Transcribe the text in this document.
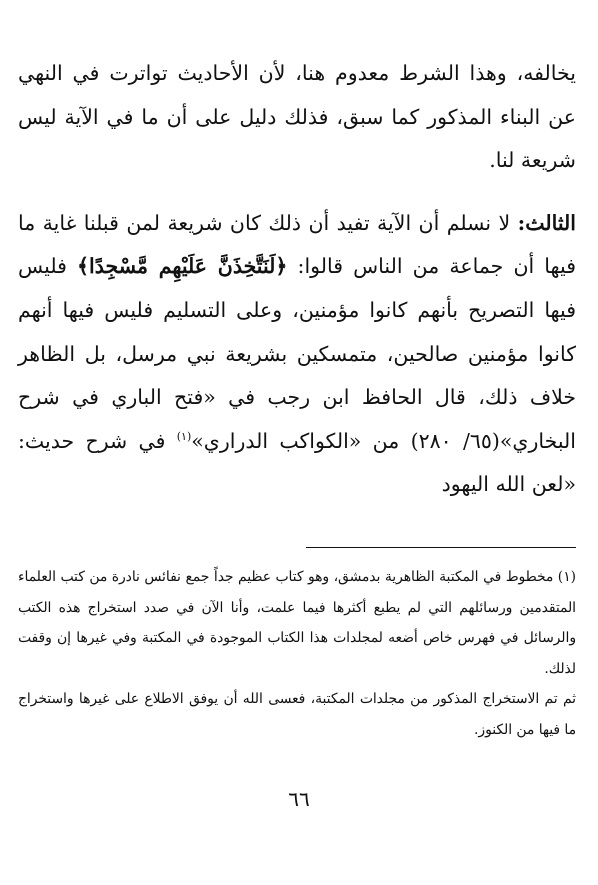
يخالفه، وهذا الشرط معدوم هنا، لأن الأحاديث تواترت في النهي عن البناء المذكور كما سبق، فذلك دليل على أن ما في الآية ليس شريعة لنا.

الثالث: لا نسلم أن الآية تفيد أن ذلك كان شريعة لمن قبلنا غاية ما فيها أن جماعة من الناس قالوا: ﴿لَنَتَّخِذَنَّ عَلَيْهِم مَّسْجِدًا﴾ فليس فيها التصريح بأنهم كانوا مؤمنين، وعلى التسليم فليس فيها أنهم كانوا مؤمنين صالحين، متمسكين بشريعة نبي مرسل، بل الظاهر خلاف ذلك، قال الحافظ ابن رجب في «فتح الباري في شرح البخاري»(٦٥/ ٢٨٠) من «الكواكب الدراري»$^{(١)}$ في شرح حديث: «لعن الله اليهود

(١) مخطوط في المكتبة الظاهرية بدمشق، وهو كتاب عظيم جداً جمع نفائس نادرة من كتب العلماء المتقدمين ورسائلهم التي لم يطبع أكثرها فيما علمت، وأنا الآن في صدد استخراج هذه الكتب والرسائل في فهرس خاص أضعه لمجلدات هذا الكتاب الموجودة في المكتبة وفي غيرها إن وقفت لذلك.

ثم تم الاستخراج المذكور من مجلدات المكتبة، فعسى الله أن يوفق الاطلاع على غيرها واستخراج ما فيها من الكنوز.

٦٦
